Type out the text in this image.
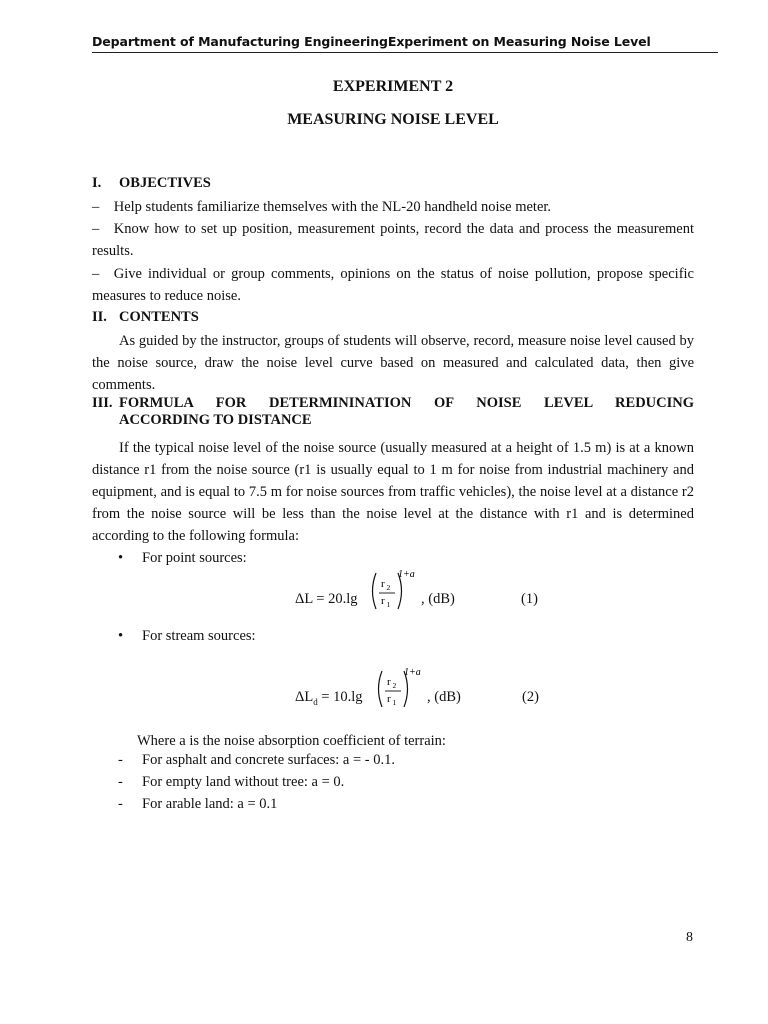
Department of Manufacturing EngineeringExperiment on Measuring Noise Level
EXPERIMENT 2
MEASURING NOISE LEVEL
I. OBJECTIVES
– Help students familiarize themselves with the NL-20 handheld noise meter.
– Know how to set up position, measurement points, record the data and process the measurement results.
– Give individual or group comments, opinions on the status of noise pollution, propose specific measures to reduce noise.
II. CONTENTS
As guided by the instructor, groups of students will observe, record, measure noise level caused by the noise source, draw the noise level curve based on measured and calculated data, then give comments.
III. FORMULA FOR DETERMININATION OF NOISE LEVEL REDUCING
ACCORDING TO DISTANCE
If the typical noise level of the noise source (usually measured at a height of 1.5 m) is at a known distance r1 from the noise source (r1 is usually equal to 1 m for noise from industrial machinery and equipment, and is equal to 7.5 m for noise sources from traffic vehicles), the noise level at a distance r2 from the noise source will be less than the noise level at the distance with r1 and is determined according to the following formula:
• For point sources:
ΔL = 20.lg
r 2
r 1
1+a
, (dB)	(1)
• For stream sources:
$\Delta L_d = 10.\lg$
r 2
r 1
1+a
, (dB)	(2)
Where a is the noise absorption coefficient of terrain:
- For asphalt and concrete surfaces: a = - 0.1.
- For empty land without tree: a = 0.
- For arable land: a = 0.1
8
